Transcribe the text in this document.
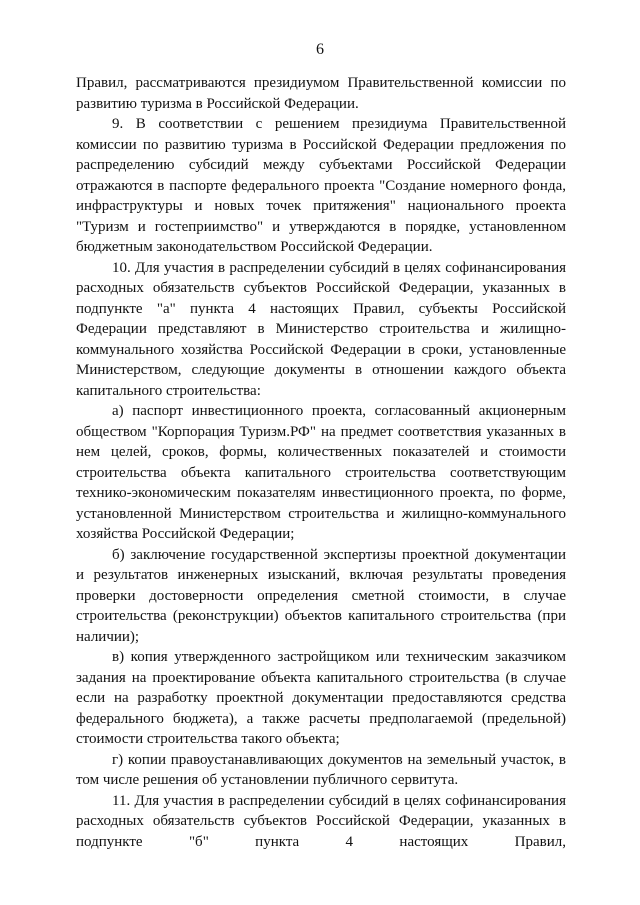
6

Правил, рассматриваются президиумом Правительственной комиссии по развитию туризма в Российской Федерации.

9. В соответствии с решением президиума Правительственной комиссии по развитию туризма в Российской Федерации предложения по распределению субсидий между субъектами Российской Федерации отражаются в паспорте федерального проекта "Создание номерного фонда, инфраструктуры и новых точек притяжения" национального проекта "Туризм и гостеприимство" и утверждаются в порядке, установленном бюджетным законодательством Российской Федерации.

10. Для участия в распределении субсидий в целях софинансирования расходных обязательств субъектов Российской Федерации, указанных в подпункте "а" пункта 4 настоящих Правил, субъекты Российской Федерации представляют в Министерство строительства и жилищно-коммунального хозяйства Российской Федерации в сроки, установленные Министерством, следующие документы в отношении каждого объекта капитального строительства:

а) паспорт инвестиционного проекта, согласованный акционерным обществом "Корпорация Туризм.РФ" на предмет соответствия указанных в нем целей, сроков, формы, количественных показателей и стоимости строительства объекта капитального строительства соответствующим технико-экономическим показателям инвестиционного проекта, по форме, установленной Министерством строительства и жилищно-коммунального хозяйства Российской Федерации;

б) заключение государственной экспертизы проектной документации и результатов инженерных изысканий, включая результаты проведения проверки достоверности определения сметной стоимости, в случае строительства (реконструкции) объектов капитального строительства (при наличии);

в) копия утвержденного застройщиком или техническим заказчиком задания на проектирование объекта капитального строительства (в случае если на разработку проектной документации предоставляются средства федерального бюджета), а также расчеты предполагаемой (предельной) стоимости строительства такого объекта;

г) копии правоустанавливающих документов на земельный участок, в том числе решения об установлении публичного сервитута.

11. Для участия в распределении субсидий в целях софинансирования расходных обязательств субъектов Российской Федерации, указанных в подпункте "б" пункта 4 настоящих Правил,
